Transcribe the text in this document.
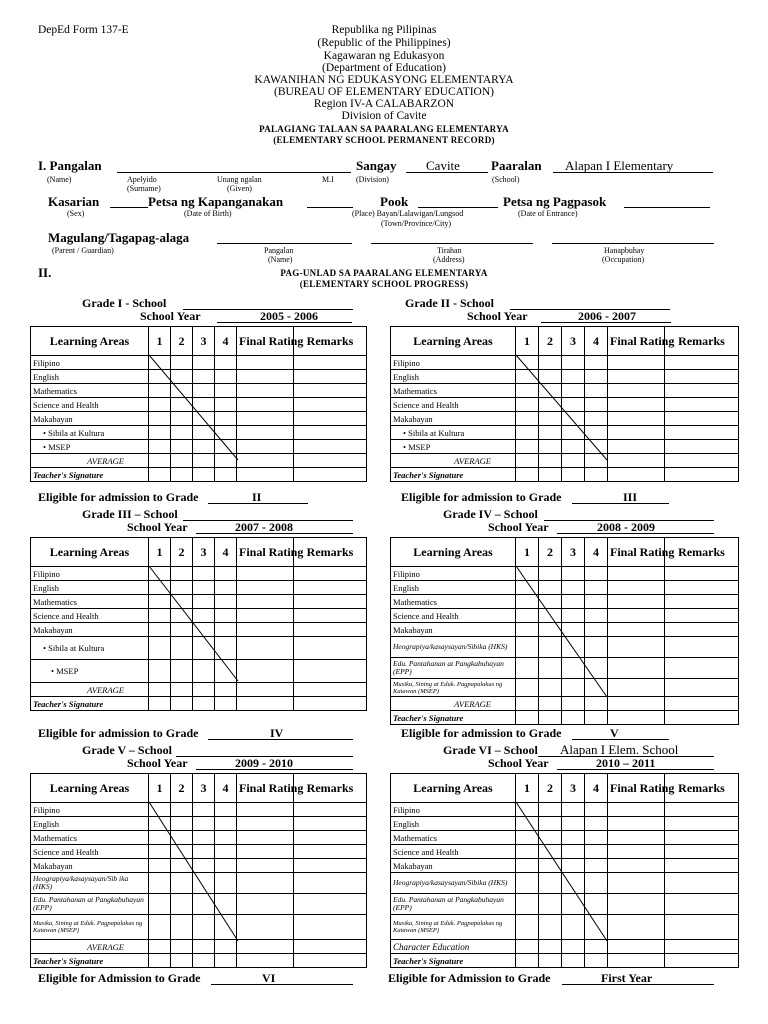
DepEd Form 137-E	Republika ng Pilipinas
(Republic of the Philippines)
Kagawaran ng Edukasyon
(Department of Education)
KAWANIHAN NG EDUKASYONG ELEMENTARYA
(BUREAU OF ELEMENTARY EDUCATION)
Region IV-A CALABARZON
Division of Cavite
PALAGIANG TALAAN SA PAARALANG ELEMENTARYA
(ELEMENTARY SCHOOL PERMANENT RECORD)
I. Pangalan
(Name)	Apelyido
(Surname)
Unang ngalan
(Given)
M.I
Sangay Cavite
(Division)
Paaralan Alapan I Elementary
(School)
Kasarian	Petsa ng Kapanganakan	Pook	Petsa ng Pagpasok
(Sex)	(Date of Birth)	(Place) Bayan/Lalawigan/Lungsod
(Town/Province/City)
(Date of Entrance)
Magulang/Tagapag-alaga
(Parent / Guardian)	Pangalan
(Name)
Tirahan
(Address)
Hanapbuhay
(Occupation)
II.	PAG-UNLAD SA PAARALANG ELEMENTARYA
(ELEMENTARY SCHOOL PROGRESS)
Grade I - School
School Year	2005 - 2006
Grade II - School
School Year	2006 - 2007
Learning Areas	1	2	3	4	Final Rating	Remarks
Filipino						
English						
Mathematics						
Science and Health						
Makabayan						
• Sibila at Kultura						
• MSEP						
AVERAGE						
Teacher's Signature						
Learning Areas	1	2	3	4	Final Rating	Remarks
Filipino						
English						
Mathematics						
Science and Health						
Makabayan						
• Sibila at Kultura						
• MSEP						
AVERAGE						
Teacher's Signature						
Eligible for admission to Grade	II	Eligible for admission to Grade	III
Grade III – School
School Year	2007 - 2008
Grade IV – School
School Year	2008 - 2009
Learning Areas	1	2	3	4	Final Rating	Remarks
Filipino						
English						
Mathematics						
Science and Health						
Makabayan						
• Sibila at Kultura						
• MSEP						
AVERAGE						
Teacher's Signature						
Learning Areas	1	2	3	4	Final Rating	Remarks
Filipino						
English						
Mathematics						
Science and Health						
Makabayan						
Heograpiya/kasaysayan/Sibika (HKS)						
Edu. Pantahanan at Pangkabuhayan (EPP)						
Musika, Sining at Eduk. Pagpapalakas ng Katawan (MSEP)						
AVERAGE						
Teacher's Signature						
Eligible for admission to Grade	IV	Eligible for admission to Grade	V
Grade V – School
School Year	2009 - 2010
Grade VI – School Alapan I Elem. School
School Year	2010 – 2011
Learning Areas	1	2	3	4	Final Rating	Remarks
Filipino						
English						
Mathematics						
Science and Health						
Makabayan						
Heograpiya/kasaysayan/Sib ika (HKS)						
Edu. Pantahanan at Pangkabuhayan (EPP)						
Musika, Sining at Eduk. Pagpapalakas ng Katawan (MSEP)						
AVERAGE						
Teacher's Signature						
Learning Areas	1	2	3	4	Final Rating	Remarks
Filipino						
English						
Mathematics						
Science and Health						
Makabayan						
Heograpiya/kasaysayan/Sibika (HKS)						
Edu. Pantahanan at Pangkabuhayan (EPP)						
Musika, Sining at Eduk. Pagpapalakas ng Katawan (MSEP)						
Character Education						
Teacher's Signature						
Eligible for Admission to Grade	VI	Eligible for Admission to Grade	First Year
